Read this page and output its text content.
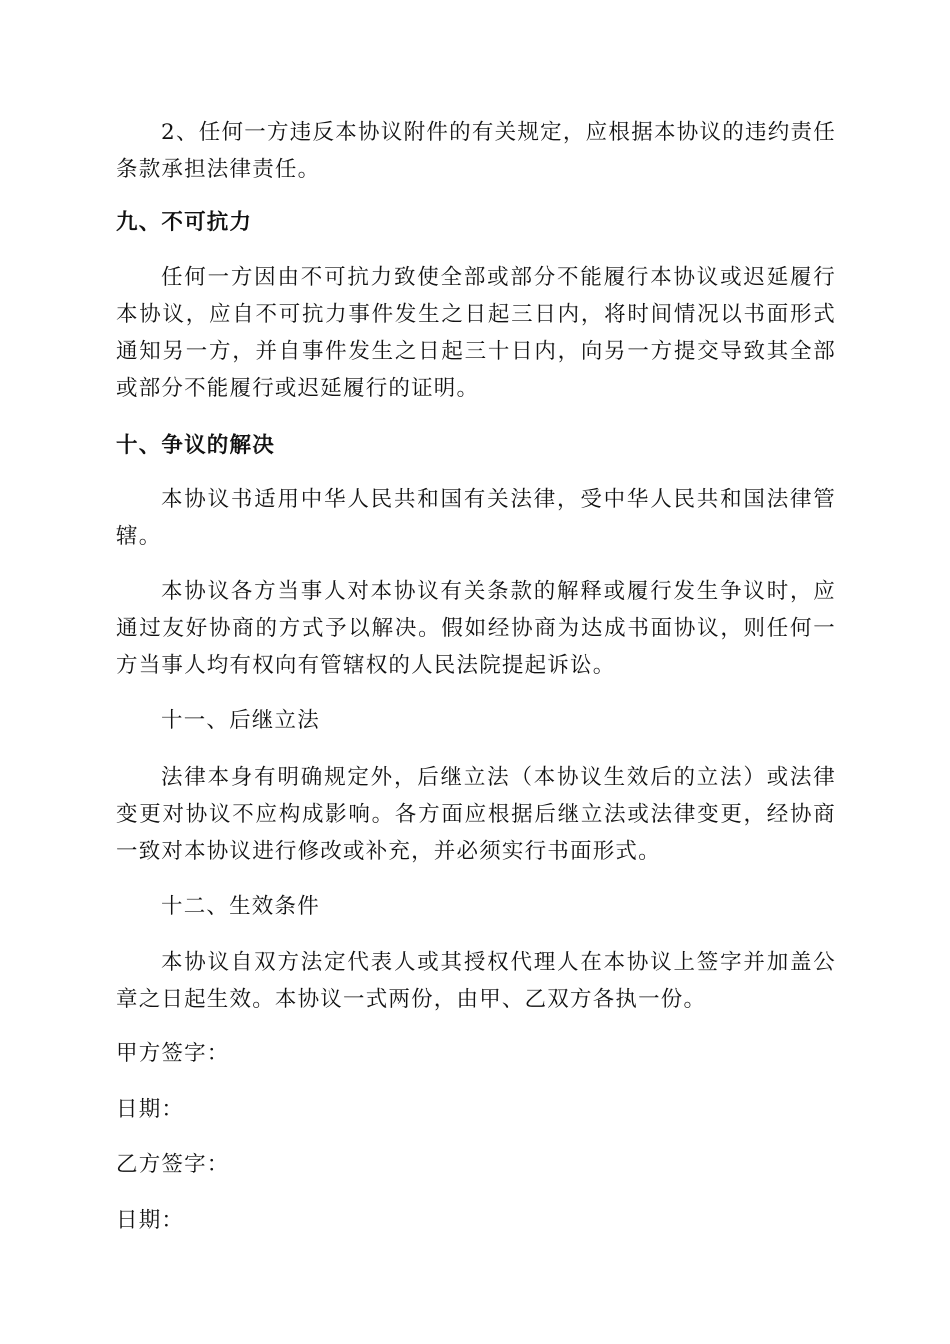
2、任何一方违反本协议附件的有关规定，应根据本协议的违约责任条款承担法律责任。

九、不可抗力

任何一方因由不可抗力致使全部或部分不能履行本协议或迟延履行本协议，应自不可抗力事件发生之日起三日内，将时间情况以书面形式通知另一方，并自事件发生之日起三十日内，向另一方提交导致其全部或部分不能履行或迟延履行的证明。

十、争议的解决

本协议书适用中华人民共和国有关法律，受中华人民共和国法律管辖。

本协议各方当事人对本协议有关条款的解释或履行发生争议时，应通过友好协商的方式予以解决。假如经协商为达成书面协议，则任何一方当事人均有权向有管辖权的人民法院提起诉讼。

十一、后继立法

法律本身有明确规定外，后继立法（本协议生效后的立法）或法律变更对协议不应构成影响。各方面应根据后继立法或法律变更，经协商一致对本协议进行修改或补充，并必须实行书面形式。

十二、生效条件

本协议自双方法定代表人或其授权代理人在本协议上签字并加盖公章之日起生效。本协议一式两份，由甲、乙双方各执一份。

甲方签字：

日期：

乙方签字：

日期：
